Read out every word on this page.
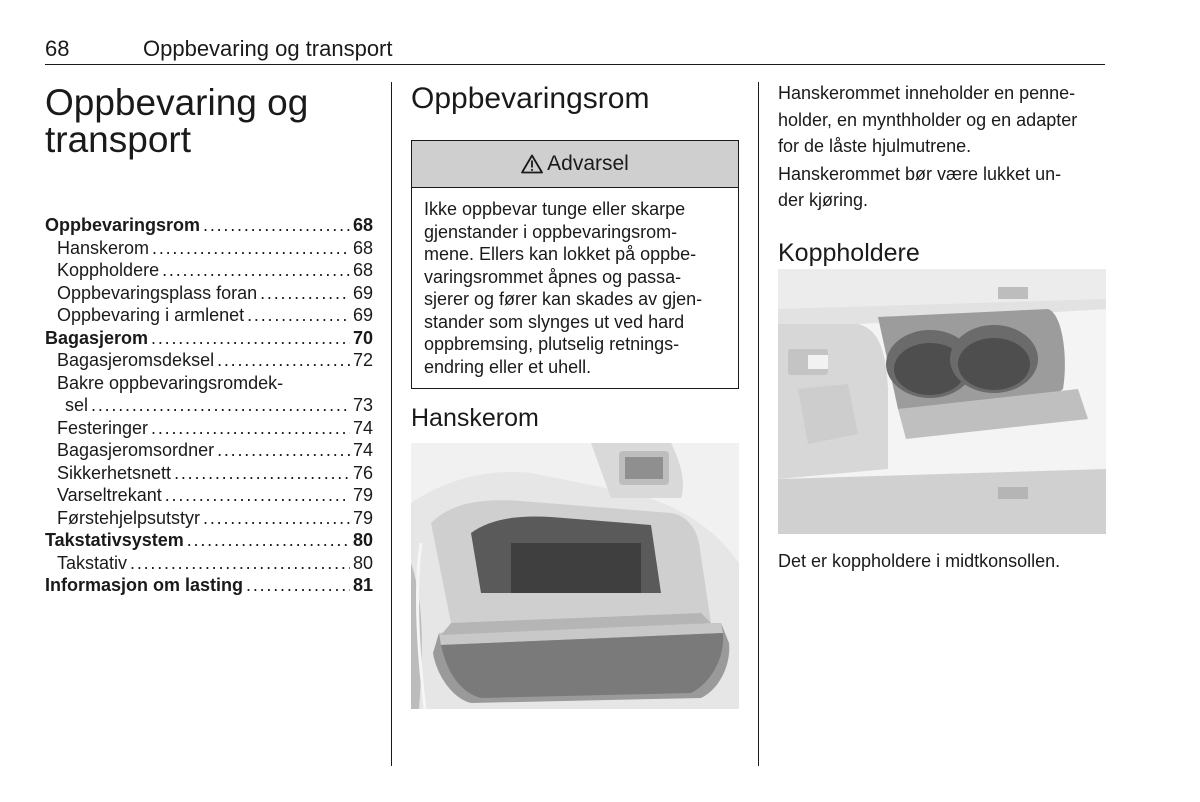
68	Oppbevaring og transport
Oppbevaring og
transport
Oppbevaringsrom . . .	68
Hanskerom . . .	68
Koppholdere . . .	68
Oppbevaringsplass foran . . .	69
Oppbevaring i armlenet . . .	69
Bagasjerom . . .	70
Bagasjeromsdeksel . . .	72
Bakre oppbevaringsromdek-
sel . . .	73
Festeringer . . .	74
Bagasjeromsordner . . .	74
Sikkerhetsnett . . .	76
Varseltrekant . . .	79
Førstehjelpsutstyr . . .	79
Takstativsystem . . .	80
Takstativ . . .	80
Informasjon om lasting . . .	81
Oppbevaringsrom
Advarsel
Ikke oppbevar tunge eller skarpe
gjenstander i oppbevaringsrom-
mene. Ellers kan lokket på oppbe-
varingsrommet åpnes og passa-
sjerer og fører kan skades av gjen-
stander som slynges ut ved hard
oppbremsing, plutselig retnings-
endring eller et uhell.
Hanskerom
Hanskerommet inneholder en penne-
holder, en mynthholder og en adapter
for de låste hjulmutrene.
Hanskerommet bør være lukket un-
der kjøring.
Koppholdere

Det er koppholdere i midtkonsollen.
